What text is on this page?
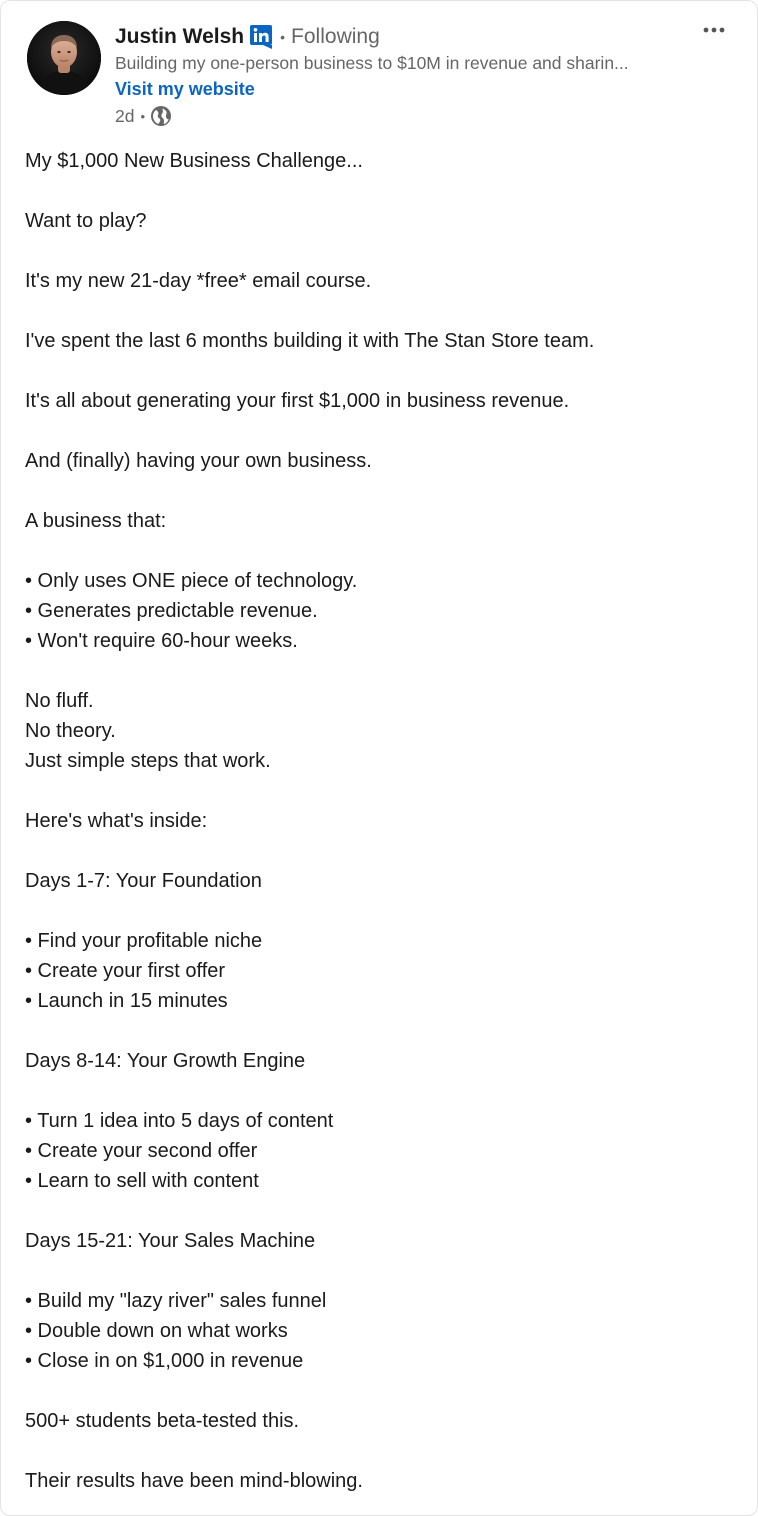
Justin Welsh	• Following
Building my one-person business to $10M in revenue and sharin...
Visit my website
2d •
My $1,000 New Business Challenge...
Want to play?
It's my new 21-day *free* email course.
I've spent the last 6 months building it with The Stan Store team.
It's all about generating your first $1,000 in business revenue.
And (finally) having your own business.
A business that:
• Only uses ONE piece of technology.
• Generates predictable revenue.
• Won't require 60-hour weeks.
No fluff.
No theory.
Just simple steps that work.
Here's what's inside:
Days 1-7: Your Foundation
• Find your profitable niche
• Create your first offer
• Launch in 15 minutes
Days 8-14: Your Growth Engine
• Turn 1 idea into 5 days of content
• Create your second offer
• Learn to sell with content
Days 15-21: Your Sales Machine
• Build my "lazy river" sales funnel
• Double down on what works
• Close in on $1,000 in revenue
500+ students beta-tested this.
Their results have been mind-blowing.
